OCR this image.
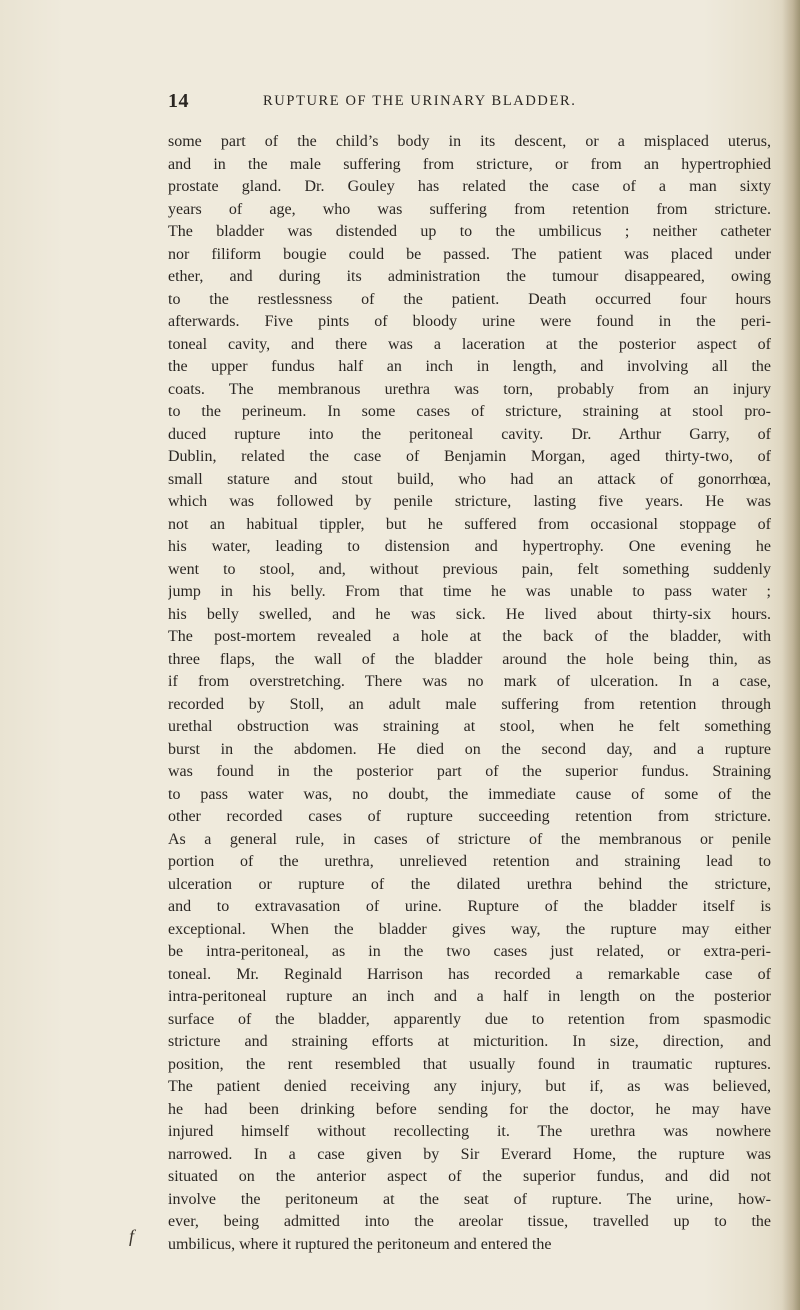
14	RUPTURE OF THE URINARY BLADDER.
some part of the child’s body in its descent, or a misplaced uterus,
and in the male suffering from stricture, or from an hypertrophied
prostate gland. Dr. Gouley has related the case of a man sixty
years of age, who was suffering from retention from stricture.
The bladder was distended up to the umbilicus ; neither catheter
nor filiform bougie could be passed. The patient was placed under
ether, and during its administration the tumour disappeared, owing
to the restlessness of the patient. Death occurred four hours
afterwards. Five pints of bloody urine were found in the peri-
toneal cavity, and there was a laceration at the posterior aspect of
the upper fundus half an inch in length, and involving all the
coats. The membranous urethra was torn, probably from an injury
to the perineum. In some cases of stricture, straining at stool pro-
duced rupture into the peritoneal cavity. Dr. Arthur Garry, of
Dublin, related the case of Benjamin Morgan, aged thirty-two, of
small stature and stout build, who had an attack of gonorrhœa,
which was followed by penile stricture, lasting five years. He was
not an habitual tippler, but he suffered from occasional stoppage of
his water, leading to distension and hypertrophy. One evening he
went to stool, and, without previous pain, felt something suddenly
jump in his belly. From that time he was unable to pass water ;
his belly swelled, and he was sick. He lived about thirty-six hours.
The post-mortem revealed a hole at the back of the bladder, with
three flaps, the wall of the bladder around the hole being thin, as
if from overstretching. There was no mark of ulceration. In a case,
recorded by Stoll, an adult male suffering from retention through
urethal obstruction was straining at stool, when he felt something
burst in the abdomen. He died on the second day, and a rupture
was found in the posterior part of the superior fundus. Straining
to pass water was, no doubt, the immediate cause of some of the
other recorded cases of rupture succeeding retention from stricture.
As a general rule, in cases of stricture of the membranous or penile
portion of the urethra, unrelieved retention and straining lead to
ulceration or rupture of the dilated urethra behind the stricture,
and to extravasation of urine. Rupture of the bladder itself is
exceptional. When the bladder gives way, the rupture may either
be intra-peritoneal, as in the two cases just related, or extra-peri-
toneal. Mr. Reginald Harrison has recorded a remarkable case of
intra-peritoneal rupture an inch and a half in length on the posterior
surface of the bladder, apparently due to retention from spasmodic
stricture and straining efforts at micturition. In size, direction, and
position, the rent resembled that usually found in traumatic ruptures.
The patient denied receiving any injury, but if, as was believed,
he had been drinking before sending for the doctor, he may have
injured himself without recollecting it. The urethra was nowhere
narrowed. In a case given by Sir Everard Home, the rupture was
situated on the anterior aspect of the superior fundus, and did not
involve the peritoneum at the seat of rupture. The urine, how-
ever, being admitted into the areolar tissue, travelled up to the
umbilicus, where it ruptured the peritoneum and entered the
f
